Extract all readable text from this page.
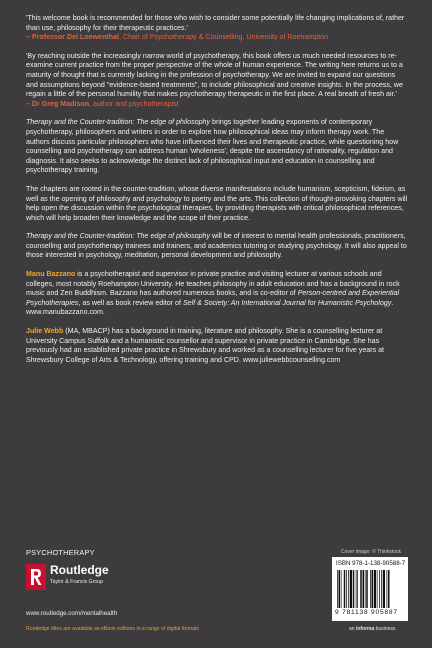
'This welcome book is recommended for those who wish to consider some potentially life changing implications of, rather than use, philosophy for their therapeutic practices.'
– Professor Del Loewenthal, Chair of Psychotherapy & Counselling, University of Roehampton

'By reaching outside the increasingly narrow world of psychotherapy, this book offers us much needed resources to re-examine current practice from the proper perspective of the whole of human experience. The writing here returns us to a maturity of thought that is currently lacking in the profession of psychotherapy. We are invited to expand our questions and assumptions beyond "evidence-based treatments", to include philosophical and creative insights. In the process, we regain a little of the personal humility that makes psychotherapy therapeutic in the first place. A real breath of fresh air.'
– Dr Greg Madison, author and psychotherapist

Therapy and the Counter-tradition: The edge of philosophy brings together leading exponents of contemporary psychotherapy, philosophers and writers in order to explore how philosophical ideas may inform therapy work. The authors discuss particular philosophers who have influenced their lives and therapeutic practice, while questioning how counselling and psychotherapy can address human 'wholeness', despite the ascendancy of rationality, regulation and diagnosis. It also seeks to acknowledge the distinct lack of philosophical input and education in counselling and psychotherapy training.

The chapters are rooted in the counter-tradition, whose diverse manifestations include humanism, scepticism, fideism, as well as the opening of philosophy and psychology to poetry and the arts. This collection of thought-provoking chapters will help open the discussion within the psychological therapies, by providing therapists with critical philosophical references, which will help broaden their knowledge and the scope of their practice.

Therapy and the Counter-tradition: The edge of philosophy will be of interest to mental health professionals, practitioners, counselling and psychotherapy trainees and trainers, and academics tutoring or studying psychology. It will also appeal to those interested in psychology, meditation, personal development and philosophy.

Manu Bazzano is a psychotherapist and supervisor in private practice and visiting lecturer at various schools and colleges, most notably Roehampton University. He teaches philosophy in adult education and has a background in rock music and Zen Buddhism. Bazzano has authored numerous books, and is co-editor of Person-centred and Experiential Psychotherapies, as well as book review editor of Self & Society: An International Journal for Humanistic Psychology. www.manubazzano.com.

Julie Webb (MA, MBACP) has a background in training, literature and philosophy. She is a counselling lecturer at University Campus Suffolk and a humanistic counsellor and supervisor in private practice in Cambridge. She has previously had an established private practice in Shrewsbury and worked as a counselling lecturer for five years at Shrewsbury College of Arts & Technology, offering training and CPD. www.juliewebbcounselling.com

PSYCHOTHERAPY	Cover image: © Thinkstock
Routledge
Taylor & Francis Group
www.routledge.com/mentalhealth
Routledge titles are available as eBook editions in a range of digital formats
ISBN 978-1-138-90588-7
9 781138 905887
an informa business
